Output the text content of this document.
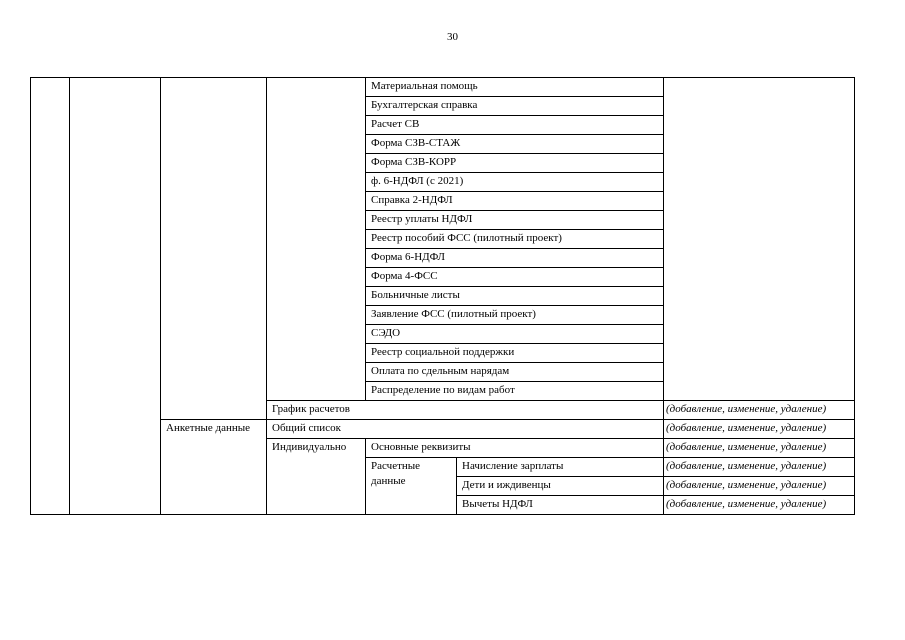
30
				Материальная помощь		
				Бухгалтерская справка		
				Расчет СВ		
				Форма СЗВ-СТАЖ		
				Форма СЗВ-КОРР		
				ф. 6-НДФЛ (с 2021)		
				Справка 2-НДФЛ		
				Реестр уплаты НДФЛ		
				Реестр пособий ФСС (пилотный проект)		
				Форма 6-НДФЛ		
				Форма 4-ФСС		
				Больничные листы		
				Заявление ФСС (пилотный проект)		
				СЭДО		
				Реестр социальной поддержки		
				Оплата по сдельным нарядам		
				Распределение по видам работ		
			График расчетов			(добавление, изменение, удаление)
		Анкетные данные	Общий список			(добавление, изменение, удаление)
			Индивидуально	Основные реквизиты		(добавление, изменение, удаление)
				Расчетные данные	Начисление зарплаты	(добавление, изменение, удаление)
					Дети и иждивенцы	(добавление, изменение, удаление)
					Вычеты НДФЛ	(добавление, изменение, удаление)
